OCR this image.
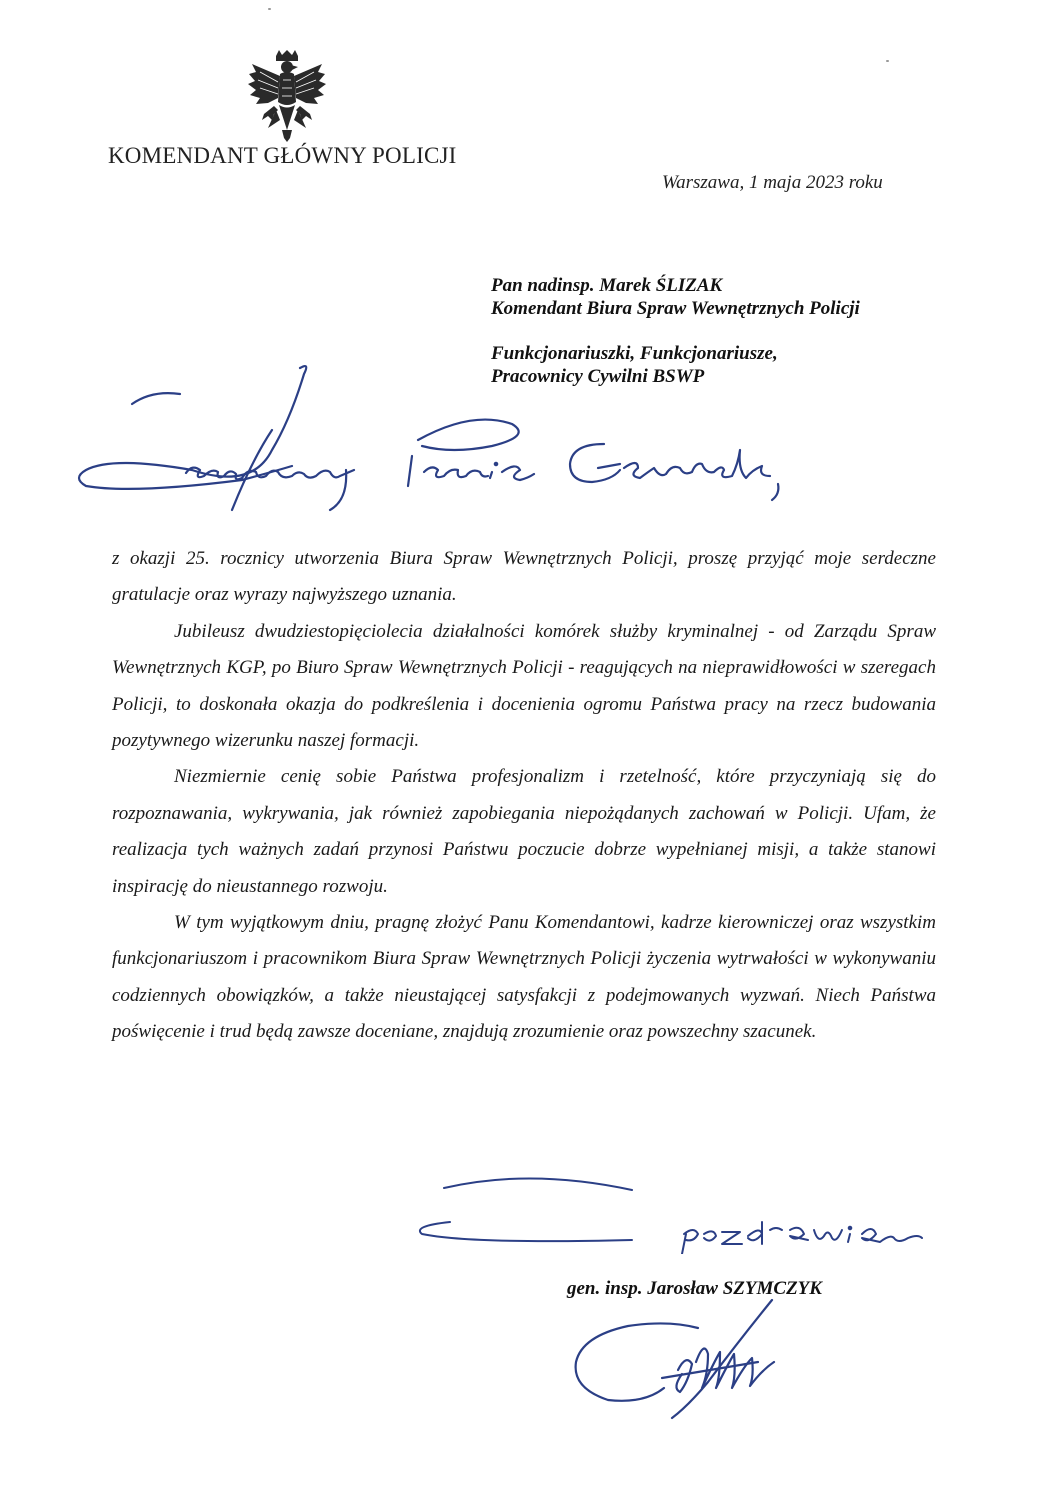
KOMENDANT GŁÓWNY POLICJI
Warszawa, 1 maja 2023 roku
Pan nadinsp. Marek ŚLIZAK
Komendant Biura Spraw Wewnętrznych Policji
Funkcjonariuszki, Funkcjonariusze,
Pracownicy Cywilni BSWP

z okazji 25. rocznicy utworzenia Biura Spraw Wewnętrznych Policji, proszę przyjąć moje serdeczne gratulacje oraz wyrazy najwyższego uznania.

Jubileusz dwudziestopięciolecia działalności komórek służby kryminalnej - od Zarządu Spraw Wewnętrznych KGP, po Biuro Spraw Wewnętrznych Policji - reagujących na nieprawidłowości w szeregach Policji, to doskonała okazja do podkreślenia i docenienia ogromu Państwa pracy na rzecz budowania pozytywnego wizerunku naszej formacji.

Niezmiernie cenię sobie Państwa profesjonalizm i rzetelność, które przyczyniają się do rozpoznawania, wykrywania, jak również zapobiegania niepożądanych zachowań w Policji. Ufam, że realizacja tych ważnych zadań przynosi Państwu poczucie dobrze wypełnianej misji, a także stanowi inspirację do nieustannego rozwoju.

W tym wyjątkowym dniu, pragnę złożyć Panu Komendantowi, kadrze kierowniczej oraz wszystkim funkcjonariuszom i pracownikom Biura Spraw Wewnętrznych Policji życzenia wytrwałości w wykonywaniu codziennych obowiązków, a także nieustającej satysfakcji z podejmowanych wyzwań. Niech Państwa poświęcenie i trud będą zawsze doceniane, znajdują zrozumienie oraz powszechny szacunek.

gen. insp. Jarosław SZYMCZYK
